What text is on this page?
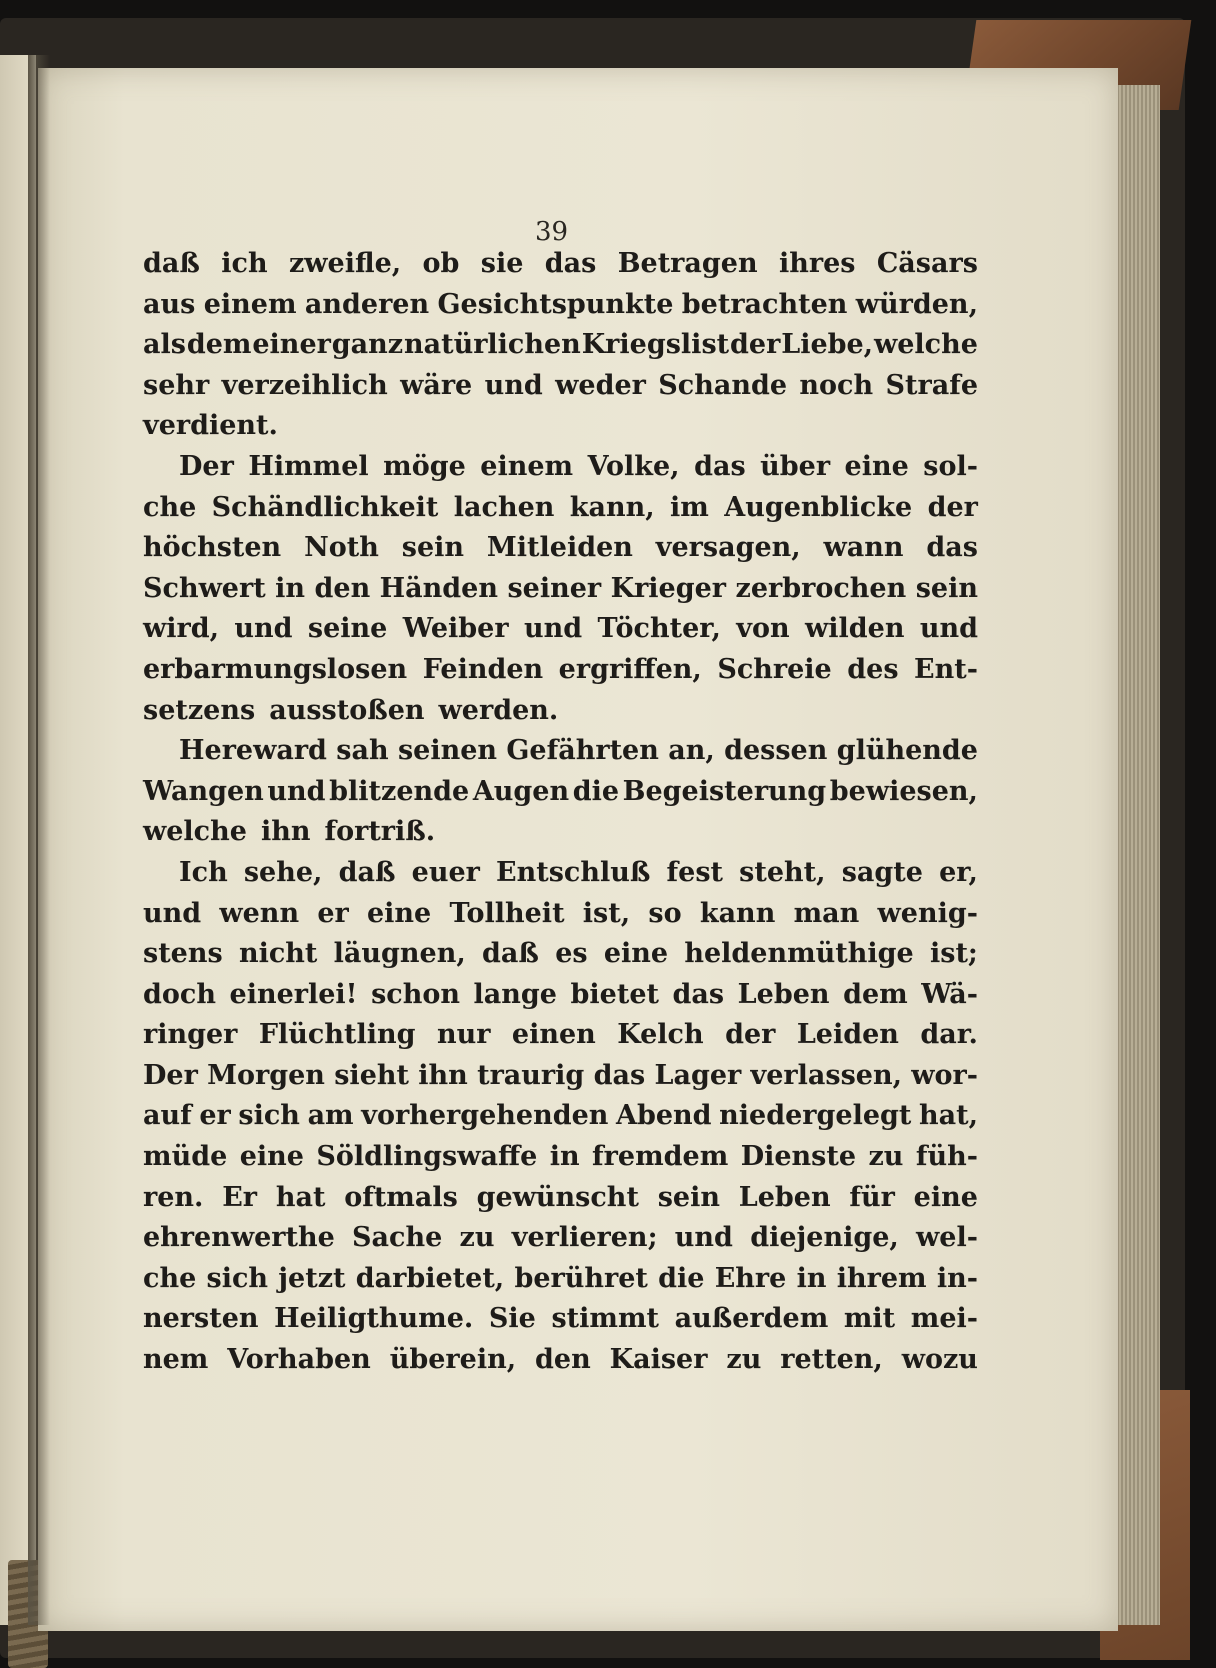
39
daß ich zweifle, ob sie das Betragen ihres Cäsars
aus einem anderen Gesichtspunkte betrachten würden,
als dem einer ganz natürlichen Kriegslist der Liebe, welche
sehr verzeihlich wäre und weder Schande noch Strafe
verdient.
Der Himmel möge einem Volke, das über eine sol-
che Schändlichkeit lachen kann, im Augenblicke der
höchsten Noth sein Mitleiden versagen, wann das
Schwert in den Händen seiner Krieger zerbrochen sein
wird, und seine Weiber und Töchter, von wilden und
erbarmungslosen Feinden ergriffen, Schreie des Ent-
setzens ausstoßen werden.
Hereward sah seinen Gefährten an, dessen glühende
Wangen und blitzende Augen die Begeisterung bewiesen,
welche ihn fortriß.
Ich sehe, daß euer Entschluß fest steht, sagte er,
und wenn er eine Tollheit ist, so kann man wenig-
stens nicht läugnen, daß es eine heldenmüthige ist;
doch einerlei! schon lange bietet das Leben dem Wä-
ringer Flüchtling nur einen Kelch der Leiden dar.
Der Morgen sieht ihn traurig das Lager verlassen, wor-
auf er sich am vorhergehenden Abend niedergelegt hat,
müde eine Söldlingswaffe in fremdem Dienste zu füh-
ren. Er hat oftmals gewünscht sein Leben für eine
ehrenwerthe Sache zu verlieren; und diejenige, wel-
che sich jetzt darbietet, berühret die Ehre in ihrem in-
nersten Heiligthume. Sie stimmt außerdem mit mei-
nem Vorhaben überein, den Kaiser zu retten, wozu
